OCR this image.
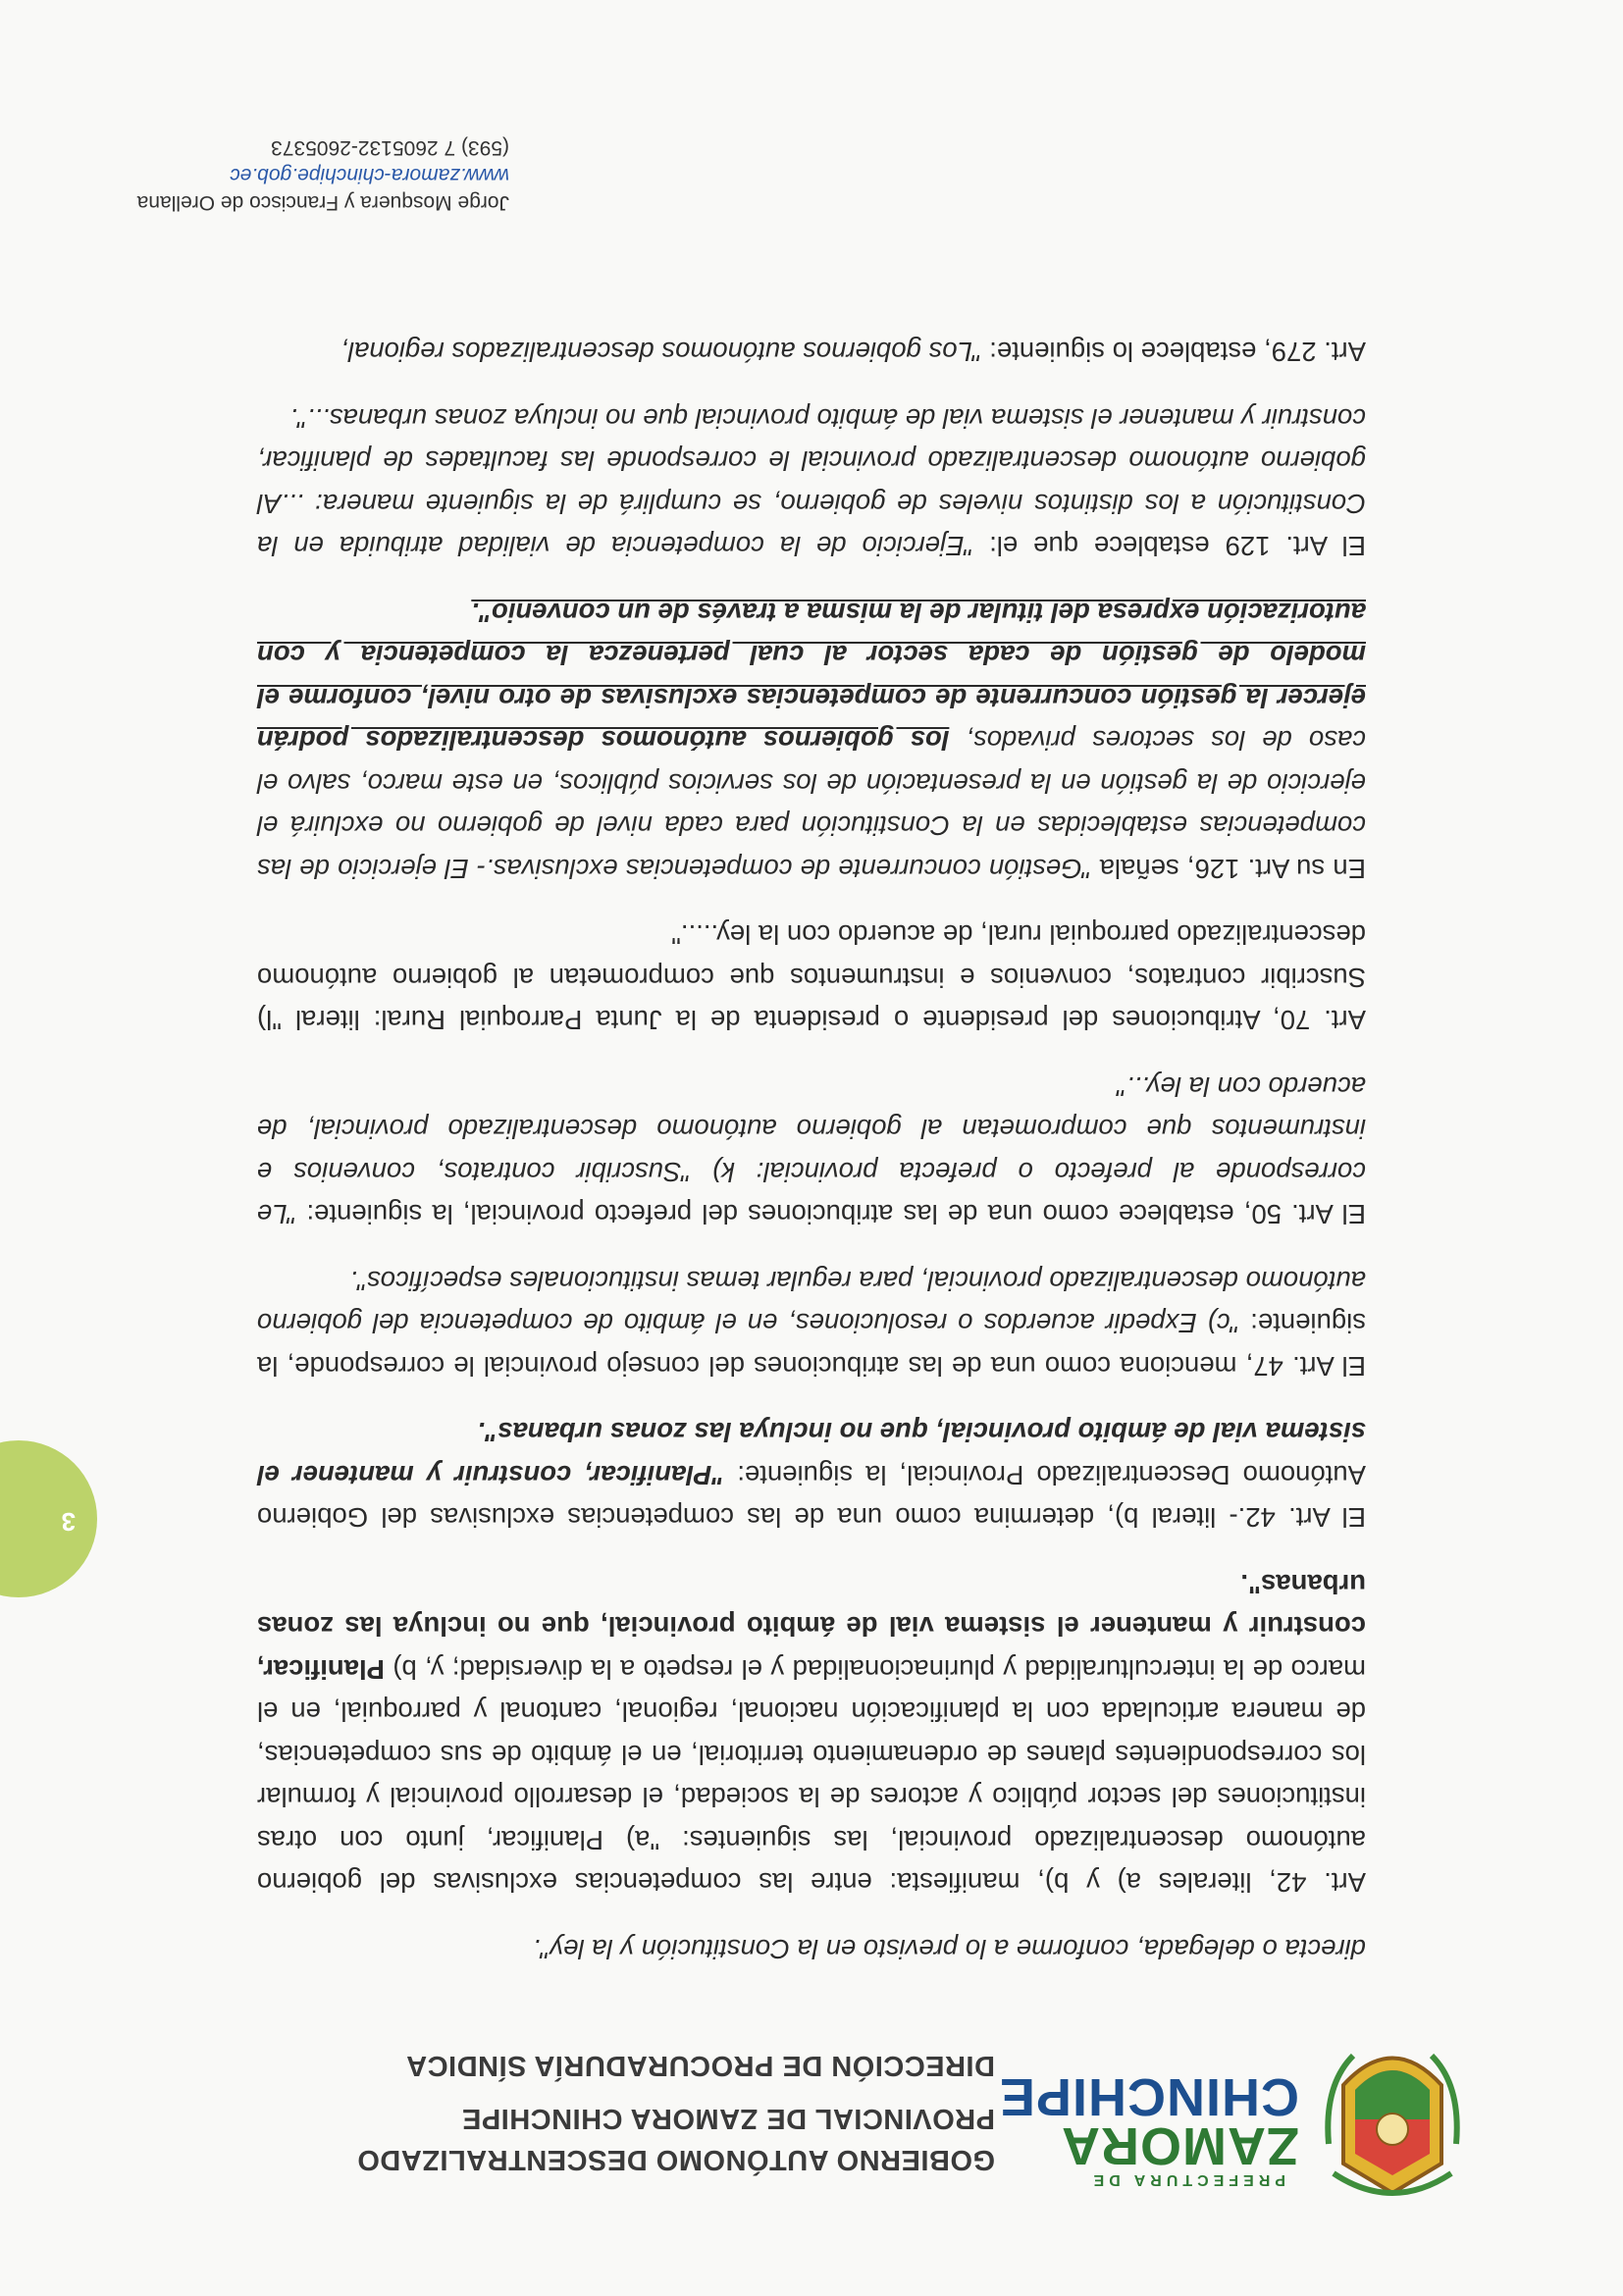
PREFECTURA DE
ZAMORA
CHINCHIPE
GOBIERNO AUTÓNOMO DESCENTRALIZADO
PROVINCIAL DE ZAMORA CHINCHIPE
DIRECCIÓN DE PROCURADURÍA SÍNDICA

directa o delegada, conforme a lo previsto en la Constitución y la ley".

Art. 42, literales a) y b), manifiesta: entre las competencias exclusivas del gobierno autónomo descentralizado provincial, las siguientes: "a) Planificar, junto con otras instituciones del sector público y actores de la sociedad, el desarrollo provincial y formular los correspondientes planes de ordenamiento territorial, en el ámbito de sus competencias, de manera articulada con la planificación nacional, regional, cantonal y parroquial, en el marco de la interculturalidad y plurinacionalidad y el respeto a la diversidad; y, b) Planificar, construir y mantener el sistema vial de ámbito provincial, que no incluya las zonas urbanas".

El Art. 42.- literal b), determina como una de las competencias exclusivas del Gobierno Autónomo Descentralizado Provincial, la siguiente: "Planificar, construir y mantener el sistema vial de ámbito provincial, que no incluya las zonas urbanas".

El Art. 47, menciona como una de las atribuciones del consejo provincial le corresponde, la siguiente: "c) Expedir acuerdos o resoluciones, en el ámbito de competencia del gobierno autónomo descentralizado provincial, para regular temas institucionales específicos".

El Art. 50, establece como una de las atribuciones del prefecto provincial, la siguiente: "Le corresponde al prefecto o prefecta provincial: k) "Suscribir contratos, convenios e instrumentos que comprometan al gobierno autónomo descentralizado provincial, de acuerdo con la ley..."

Art. 70, Atribuciones del presidente o presidenta de la Junta Parroquial Rural: literal "l) Suscribir contratos, convenios e instrumentos que comprometan al gobierno autónomo descentralizado parroquial rural, de acuerdo con la ley....."

En su Art. 126, señala "Gestión concurrente de competencias exclusivas.- El ejercicio de las competencias establecidas en la Constitución para cada nivel de gobierno no excluirá el ejercicio de la gestión en la presentación de los servicios públicos, en este marco, salvo el caso de los sectores privados, los gobiernos autónomos descentralizados podrán ejercer la gestión concurrente de competencias exclusivas de otro nivel, conforme el modelo de gestión de cada sector al cual pertenezca la competencia y con autorización expresa del titular de la misma a través de un convenio".

El Art. 129 establece que el: "Ejercicio de la competencia de vialidad atribuida en la Constitución a los distintos niveles de gobierno, se cumplirá de la siguiente manera: ...Al gobierno autónomo descentralizado provincial le corresponde las facultades de planificar, construir y mantener el sistema vial de ámbito provincial que no incluya zonas urbanas...".

Art. 279, establece lo siguiente: "Los gobiernos autónomos descentralizados regional,

3
Jorge Mosquera y Francisco de Orellana
www.zamora-chinchipe.gob.ec
(593) 7 2605132-2605373
